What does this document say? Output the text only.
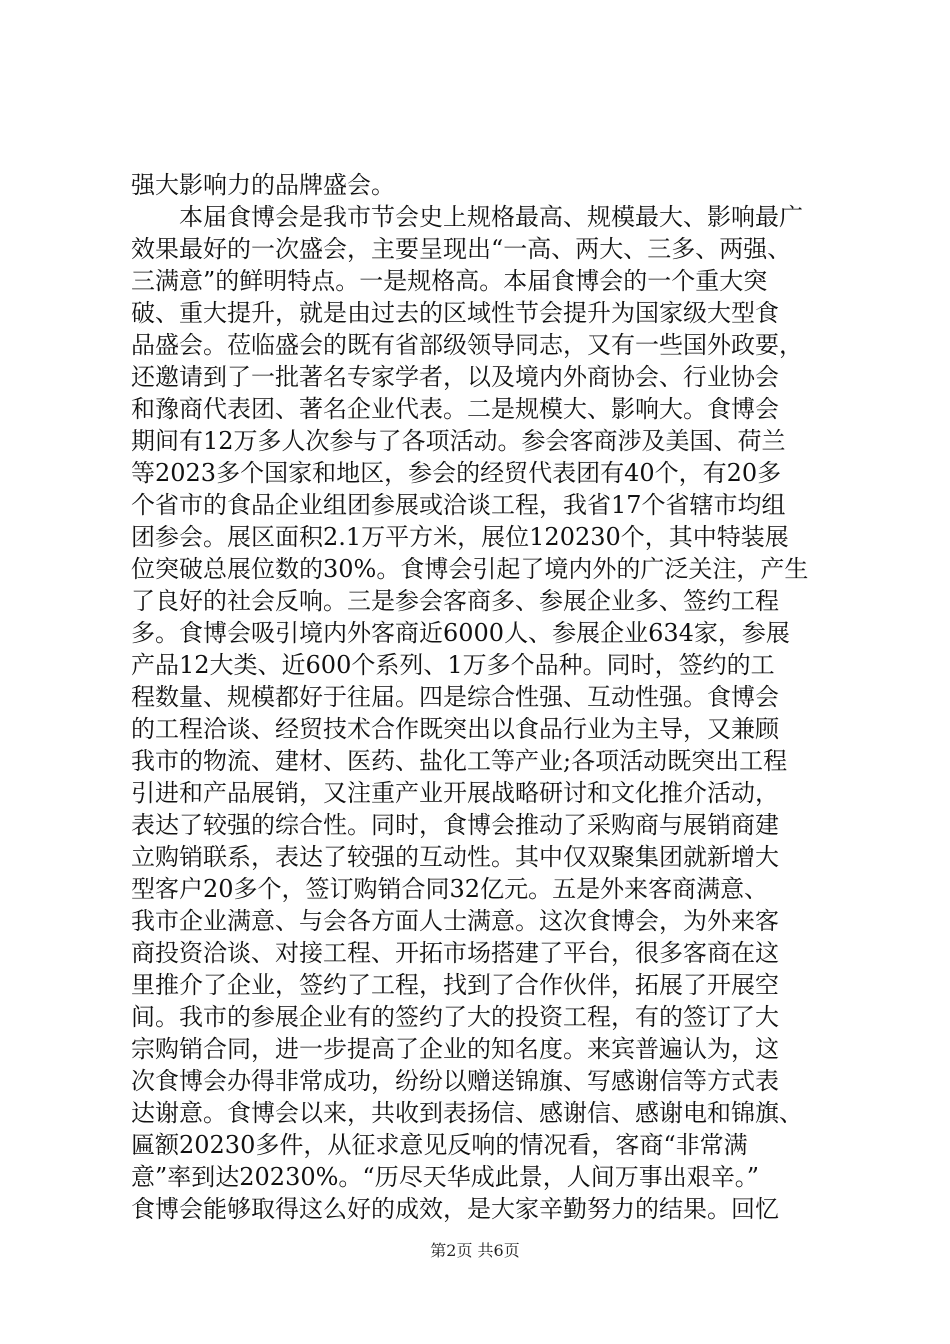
强大影响力的品牌盛会。
　　本届食博会是我市节会史上规格最高、规模最大、影响最广
效果最好的一次盛会，主要呈现出“一高、两大、三多、两强、
三满意”的鲜明特点。一是规格高。本届食博会的一个重大突
破、重大提升，就是由过去的区域性节会提升为国家级大型食
品盛会。莅临盛会的既有省部级领导同志，又有一些国外政要，
还邀请到了一批著名专家学者，以及境内外商协会、行业协会
和豫商代表团、著名企业代表。二是规模大、影响大。食博会
期间有12万多人次参与了各项活动。参会客商涉及美国、荷兰
等2023多个国家和地区，参会的经贸代表团有40个，有20多
个省市的食品企业组团参展或洽谈工程，我省17个省辖市均组
团参会。展区面积2.1万平方米，展位120230个，其中特装展
位突破总展位数的30%。食博会引起了境内外的广泛关注，产生
了良好的社会反响。三是参会客商多、参展企业多、签约工程
多。食博会吸引境内外客商近6000人、参展企业634家，参展
产品12大类、近600个系列、1万多个品种。同时，签约的工
程数量、规模都好于往届。四是综合性强、互动性强。食博会
的工程洽谈、经贸技术合作既突出以食品行业为主导，又兼顾
我市的物流、建材、医药、盐化工等产业;各项活动既突出工程
引进和产品展销，又注重产业开展战略研讨和文化推介活动，
表达了较强的综合性。同时，食博会推动了采购商与展销商建
立购销联系，表达了较强的互动性。其中仅双聚集团就新增大
型客户20多个，签订购销合同32亿元。五是外来客商满意、
我市企业满意、与会各方面人士满意。这次食博会，为外来客
商投资洽谈、对接工程、开拓市场搭建了平台，很多客商在这
里推介了企业，签约了工程，找到了合作伙伴，拓展了开展空
间。我市的参展企业有的签约了大的投资工程，有的签订了大
宗购销合同，进一步提高了企业的知名度。来宾普遍认为，这
次食博会办得非常成功，纷纷以赠送锦旗、写感谢信等方式表
达谢意。食博会以来，共收到表扬信、感谢信、感谢电和锦旗、
匾额20230多件，从征求意见反响的情况看，客商“非常满
意”率到达20230%。“历尽天华成此景，人间万事出艰辛。”
食博会能够取得这么好的成效，是大家辛勤努力的结果。回忆
第2页 共6页
